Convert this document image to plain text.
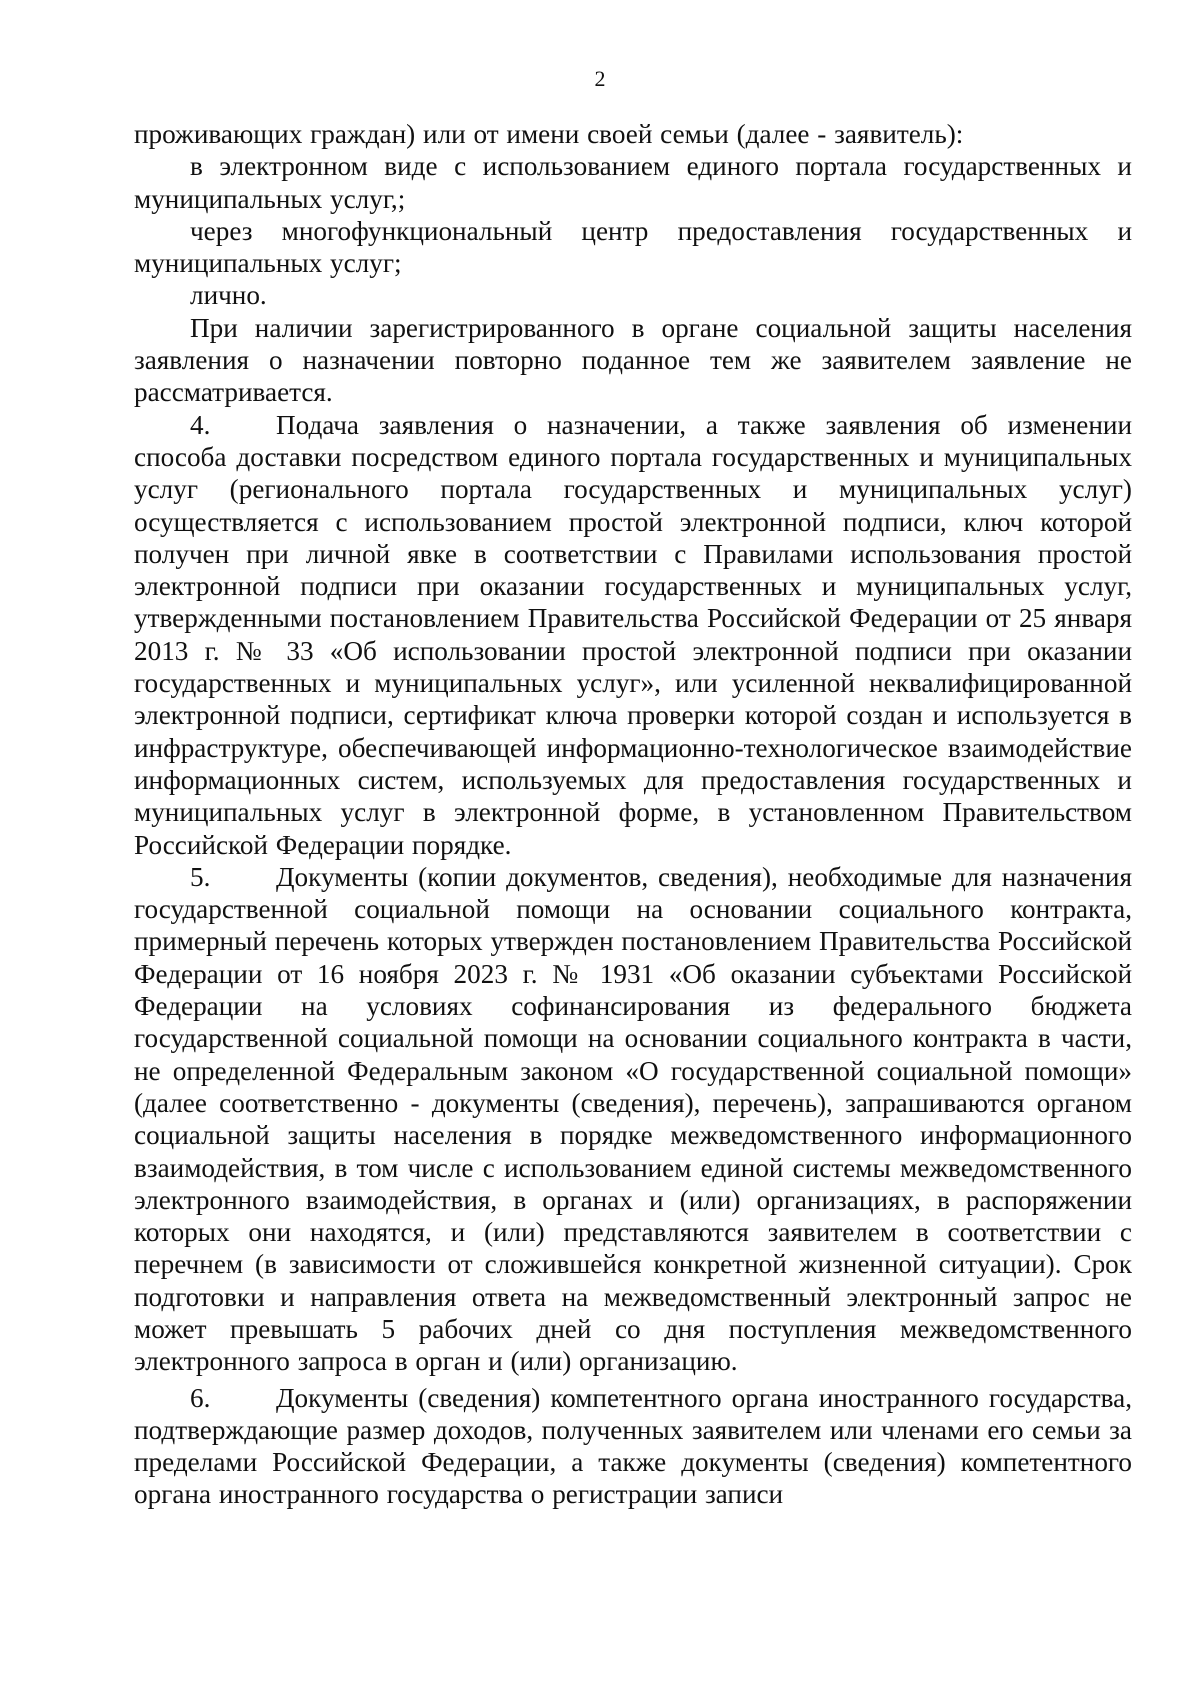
2

проживающих граждан) или от имени своей семьи (далее - заявитель):

в электронном виде с использованием единого портала государственных и муниципальных услуг,;

через многофункциональный центр предоставления государственных и муниципальных услуг;

лично.

При наличии зарегистрированного в органе социальной защиты населения заявления о назначении повторно поданное тем же заявителем заявление не рассматривается.

4. Подача заявления о назначении, а также заявления об изменении способа доставки посредством единого портала государственных и муниципальных услуг (регионального портала государственных и муниципальных услуг) осуществляется с использованием простой электронной подписи, ключ которой получен при личной явке в соответствии с Правилами использования простой электронной подписи при оказании государственных и муниципальных услуг, утвержденными постановлением Правительства Российской Федерации от 25 января 2013 г. № 33 «Об использовании простой электронной подписи при оказании государственных и муниципальных услуг», или усиленной неквалифицированной электронной подписи, сертификат ключа проверки которой создан и используется в инфраструктуре, обеспечивающей информационно-технологическое взаимодействие информационных систем, используемых для предоставления государственных и муниципальных услуг в электронной форме, в установленном Правительством Российской Федерации порядке.

5. Документы (копии документов, сведения), необходимые для назначения государственной социальной помощи на основании социального контракта, примерный перечень которых утвержден постановлением Правительства Российской Федерации от 16 ноября 2023 г. № 1931 «Об оказании субъектами Российской Федерации на условиях софинансирования из федерального бюджета государственной социальной помощи на основании социального контракта в части, не определенной Федеральным законом «О государственной социальной помощи» (далее соответственно - документы (сведения), перечень), запрашиваются органом социальной защиты населения в порядке межведомственного информационного взаимодействия, в том числе с использованием единой системы межведомственного электронного взаимодействия, в органах и (или) организациях, в распоряжении которых они находятся, и (или) представляются заявителем в соответствии с перечнем (в зависимости от сложившейся конкретной жизненной ситуации). Срок подготовки и направления ответа на межведомственный электронный запрос не может превышать 5 рабочих дней со дня поступления межведомственного электронного запроса в орган и (или) организацию.

6. Документы (сведения) компетентного органа иностранного государства, подтверждающие размер доходов, полученных заявителем или членами его семьи за пределами Российской Федерации, а также документы (сведения) компетентного органа иностранного государства о регистрации записи
